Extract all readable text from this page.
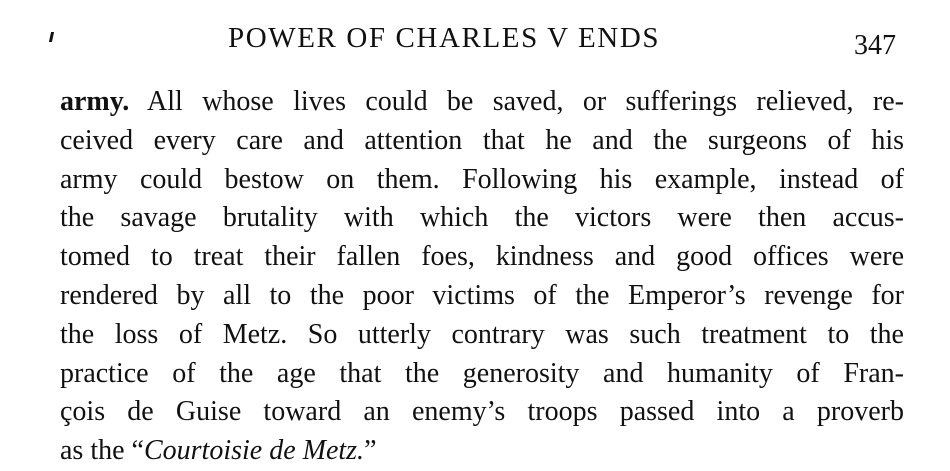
POWER OF CHARLES V ENDS	347
army. All whose lives could be saved, or sufferings relieved, re-
ceived every care and attention that he and the surgeons of his
army could bestow on them. Following his example, instead of
the savage brutality with which the victors were then accus-
tomed to treat their fallen foes, kindness and good offices were
rendered by all to the poor victims of the Emperor’s revenge for
the loss of Metz. So utterly contrary was such treatment to the
practice of the age that the generosity and humanity of Fran-
çois de Guise toward an enemy’s troops passed into a proverb
as the “Courtoisie de Metz.”
